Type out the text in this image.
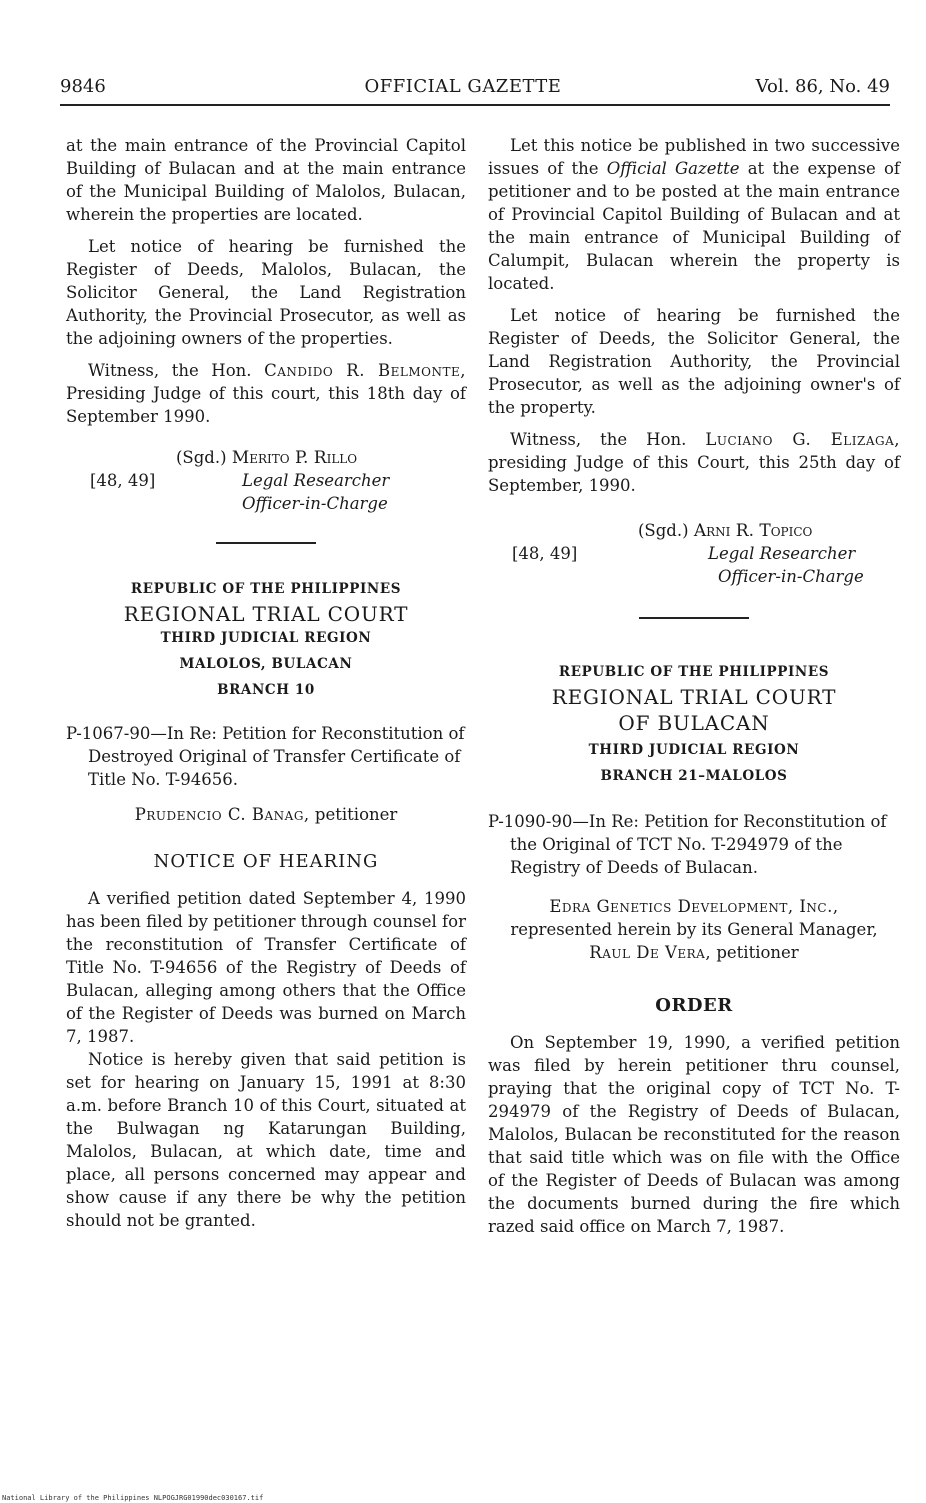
9846	OFFICIAL GAZETTE	Vol. 86, No. 49

at the main entrance of the Provincial Capitol Building of Bulacan and at the main entrance of the Municipal Building of Malolos, Bulacan, wherein the properties are located.

Let notice of hearing be furnished the Register of Deeds, Malolos, Bulacan, the Solicitor General, the Land Registration Authority, the Provincial Prosecutor, as well as the adjoining owners of the properties.

Witness, the Hon. Candido R. Belmonte, Presiding Judge of this court, this 18th day of September 1990.

(Sgd.) Merito P. Rillo
[48, 49]	Legal Researcher
Officer-in-Charge
REPUBLIC OF THE PHILIPPINES
REGIONAL TRIAL COURT
THIRD JUDICIAL REGION
MALOLOS, BULACAN
BRANCH 10

P-1067-90—In Re: Petition for Reconstitution of Destroyed Original of Transfer Certificate of Title No. T-94656.

Prudencio C. Banag, petitioner
NOTICE OF HEARING

A verified petition dated September 4, 1990 has been filed by petitioner through counsel for the reconstitution of Transfer Certificate of Title No. T-94656 of the Registry of Deeds of Bulacan, alleging among others that the Office of the Register of Deeds was burned on March 7, 1987.

Notice is hereby given that said petition is set for hearing on January 15, 1991 at 8:30 a.m. before Branch 10 of this Court, situated at the Bulwagan ng Katarungan Building, Malolos, Bulacan, at which date, time and place, all persons concerned may appear and show cause if any there be why the petition should not be granted.

Let this notice be published in two successive issues of the Official Gazette at the expense of petitioner and to be posted at the main entrance of Provincial Capitol Building of Bulacan and at the main entrance of Municipal Building of Calumpit, Bulacan wherein the property is located.

Let notice of hearing be furnished the Register of Deeds, the Solicitor General, the Land Registration Authority, the Provincial Prosecutor, as well as the adjoining owner's of the property.

Witness, the Hon. Luciano G. Elizaga, presiding Judge of this Court, this 25th day of September, 1990.

(Sgd.) Arni R. Topico
[48, 49]	Legal Researcher
Officer-in-Charge
REPUBLIC OF THE PHILIPPINES
REGIONAL TRIAL COURT
OF BULACAN
THIRD JUDICIAL REGION
BRANCH 21–MALOLOS

P-1090-90—In Re: Petition for Reconstitution of the Original of TCT No. T-294979 of the Registry of Deeds of Bulacan.

Edra Genetics Development, Inc.,
represented herein by its General Manager,
Raul De Vera, petitioner
ORDER

On September 19, 1990, a verified petition was filed by herein petitioner thru counsel, praying that the original copy of TCT No. T-294979 of the Registry of Deeds of Bulacan, Malolos, Bulacan be reconstituted for the reason that said title which was on file with the Office of the Register of Deeds of Bulacan was among the documents burned during the fire which razed said office on March 7, 1987.

National Library of the Philippines NLPOGJRG01990dec030167.tif
